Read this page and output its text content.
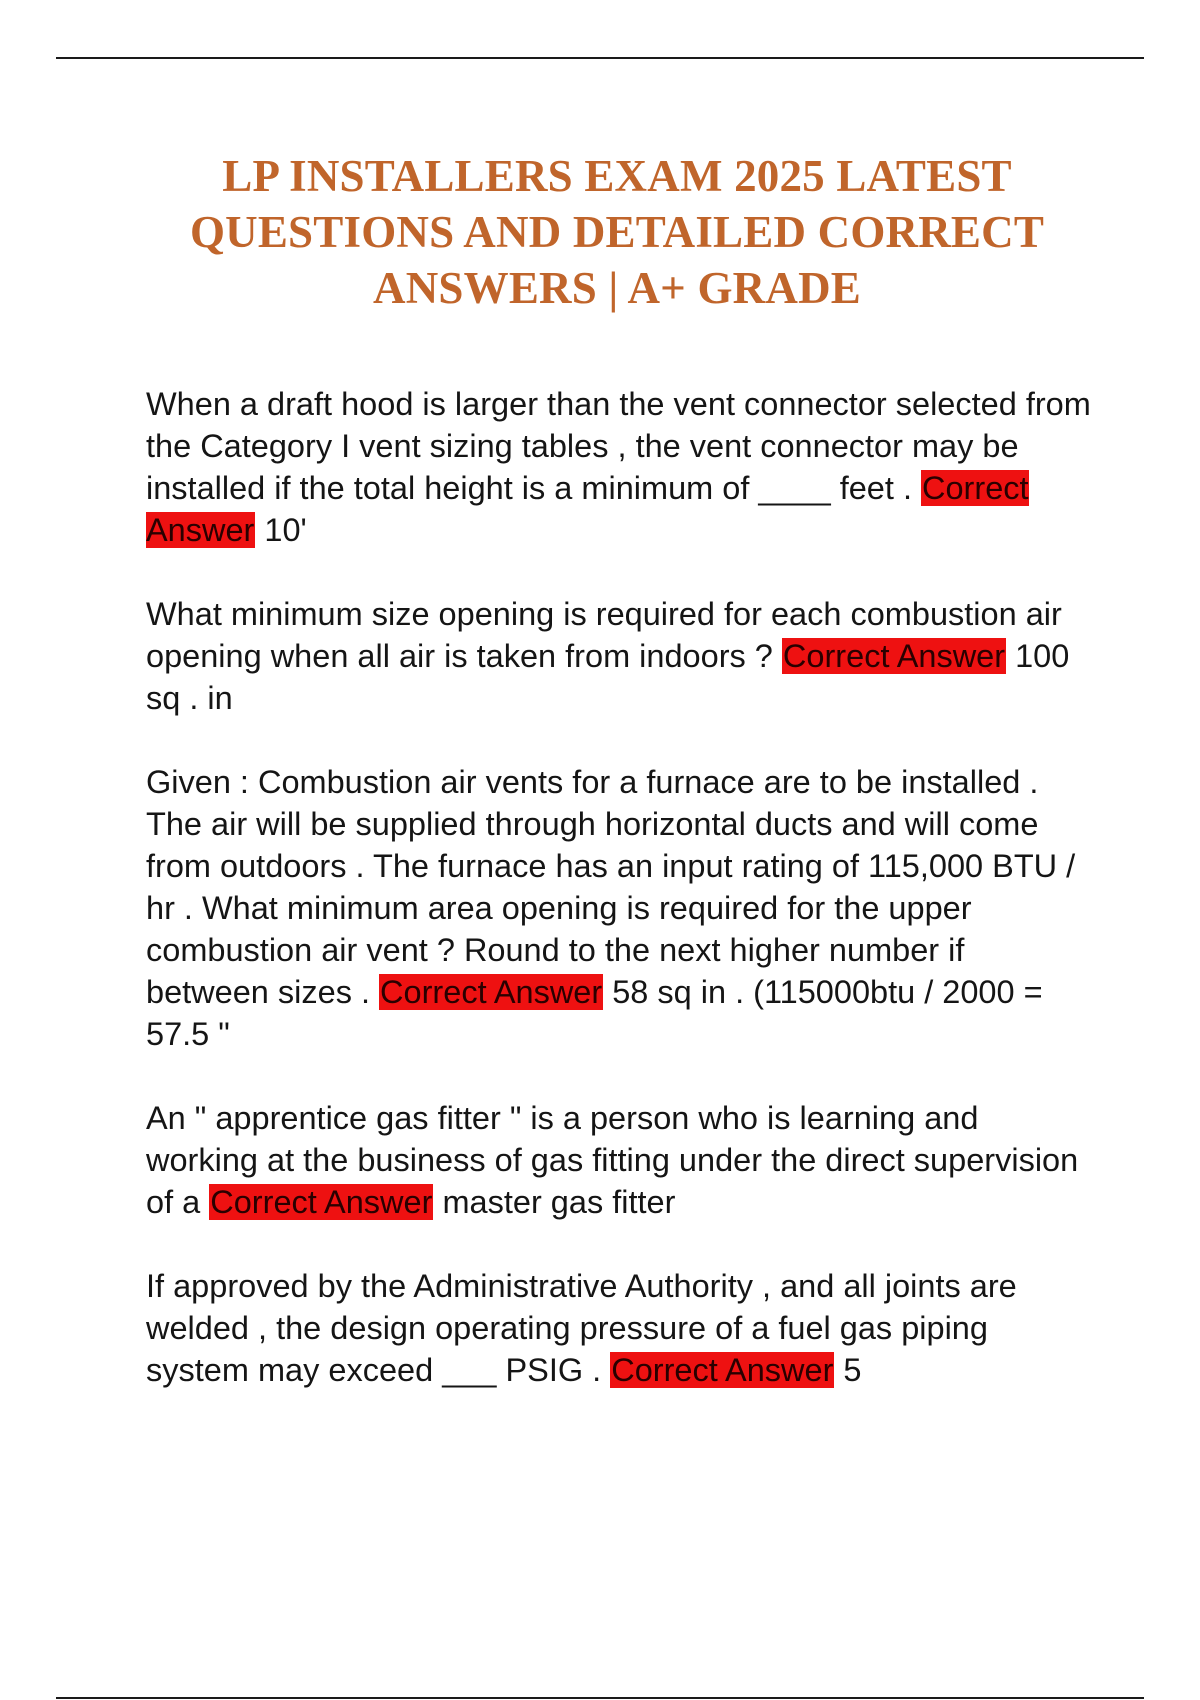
LP INSTALLERS EXAM 2025 LATEST QUESTIONS AND DETAILED CORRECT ANSWERS | A+ GRADE

When a draft hood is larger than the vent connector selected from the Category I vent sizing tables , the vent connector may be installed if the total height is a minimum of ____ feet . Correct Answer 10'

What minimum size opening is required for each combustion air opening when all air is taken from indoors ? Correct Answer 100 sq . in

Given : Combustion air vents for a furnace are to be installed . The air will be supplied through horizontal ducts and will come from outdoors . The furnace has an input rating of 115,000 BTU / hr . What minimum area opening is required for the upper combustion air vent ? Round to the next higher number if between sizes . Correct Answer 58 sq in . (115000btu / 2000 = 57.5 "

An " apprentice gas fitter " is a person who is learning and working at the business of gas fitting under the direct supervision of a Correct Answer master gas fitter

If approved by the Administrative Authority , and all joints are welded , the design operating pressure of a fuel gas piping system may exceed ___ PSIG . Correct Answer 5
